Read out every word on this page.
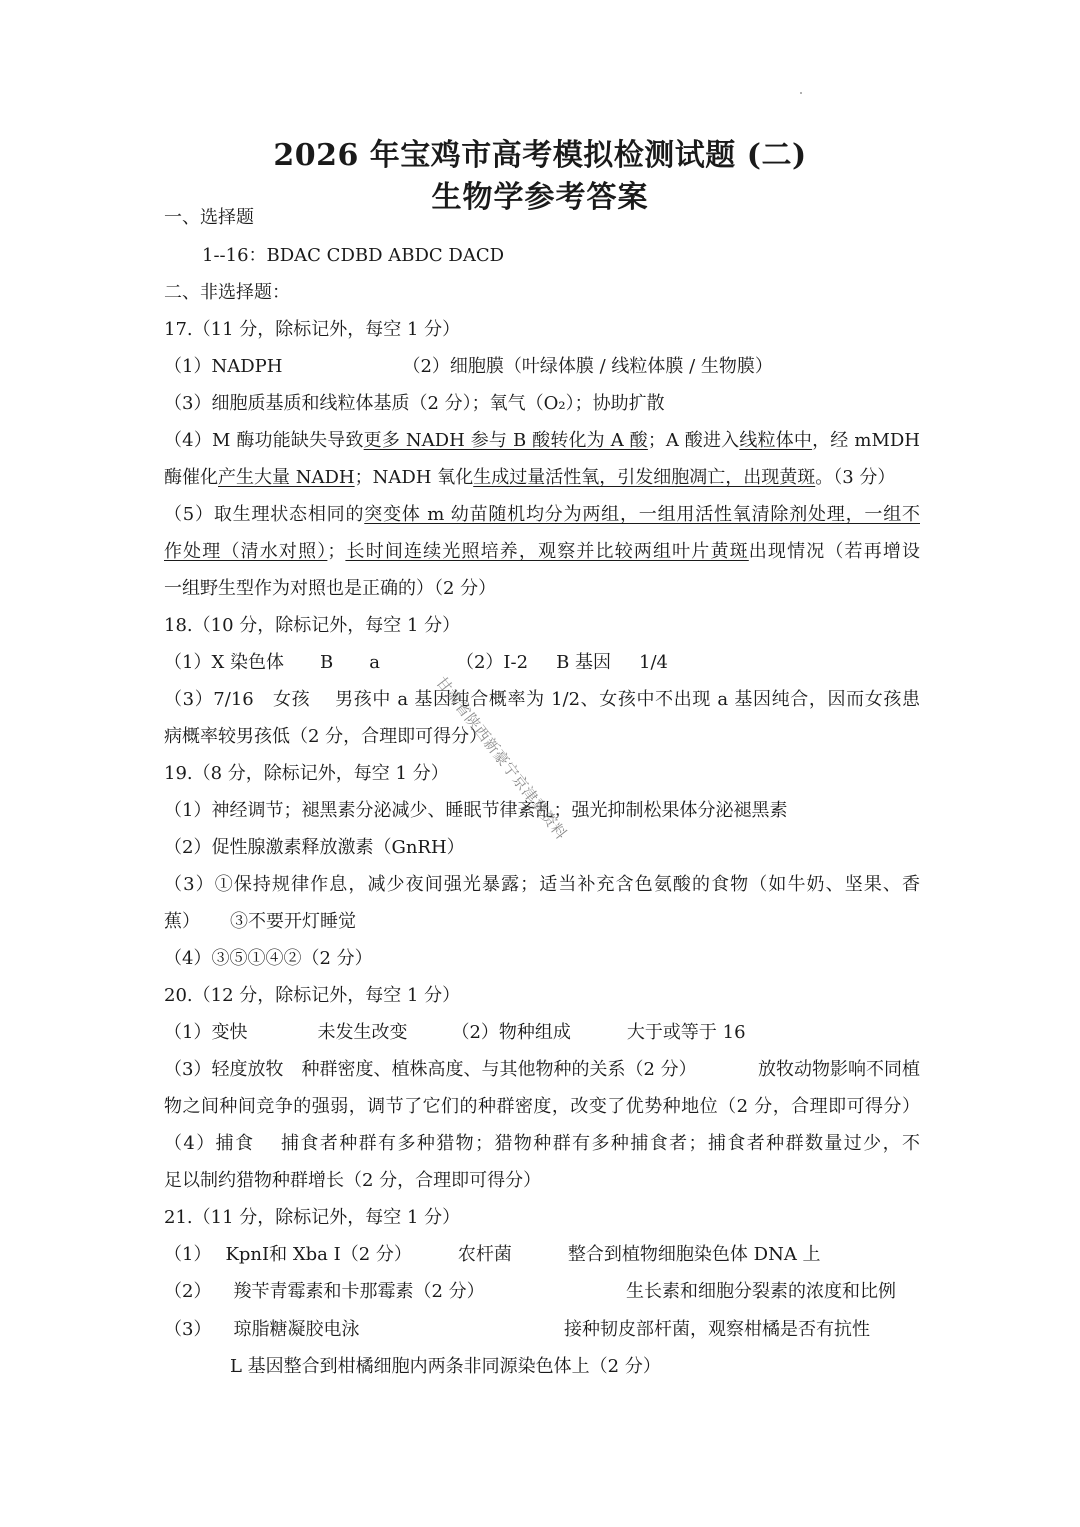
2026 年宝鸡市高考模拟检测试题 (二)
生物学参考答案
一、选择题
1--16：BDAC CDBD ABDC DACD
二、非选择题：
17.（11 分，除标记外，每空 1 分）
（1）NADPH	（2）细胞膜（叶绿体膜 / 线粒体膜 / 生物膜）
（3）细胞质基质和线粒体基质（2 分）；氧气（O₂）；协助扩散
（4）M 酶功能缺失导致更多 NADH 参与 B 酸转化为 A 酸；A 酸进入线粒体中，经 mMDH
酶催化产生大量 NADH；NADH 氧化生成过量活性氧，引发细胞凋亡，出现黄斑。（3 分）
（5）取生理状态相同的突变体 m 幼苗随机均分为两组，一组用活性氧清除剂处理，一组不
作处理（清水对照）；长时间连续光照培养，观察并比较两组叶片黄斑出现情况（若再增设
一组野生型作为对照也是正确的）（2 分）
18.（10 分，除标记外，每空 1 分）
（1）X 染色体 B a	（2）I-2 B 基因 1/4
（3）7/16　女孩　 男孩中 a 基因纯合概率为 1/2、女孩中不出现 a 基因纯合，因而女孩患
病概率较男孩低（2 分，合理即可得分）
19.（8 分，除标记外，每空 1 分）
（1）神经调节；褪黑素分泌减少、睡眠节律紊乱；强光抑制松果体分泌褪黑素
（2）促性腺激素释放激素（GnRH）
（3）①保持规律作息，减少夜间强光暴露；适当补充含色氨酸的食物（如牛奶、坚果、香
蕉） ③不要开灯睡觉
（4）③⑤①④②（2 分）
20.（12 分，除标记外，每空 1 分）
（1）变快	未发生改变 （2）物种组成	大于或等于 16
（3）轻度放牧　种群密度、植株高度、与其他物种的关系（2 分）	放牧动物影响不同植
物之间种间竞争的强弱，调节了它们的种群密度，改变了优势种地位（2 分，合理即可得分）
（4）捕食　 捕食者种群有多种猎物；猎物种群有多种捕食者；捕食者种群数量过少，不
足以制约猎物种群增长（2 分，合理即可得分）
21.（11 分，除标记外，每空 1 分）
（1） KpnI和 Xba I（2 分）	农杆菌	整合到植物细胞染色体 DNA 上
（2） 羧苄青霉素和卡那霉素（2 分）	生长素和细胞分裂素的浓度和比例
（3） 琼脂糖凝胶电泳	接种韧皮部杆菌，观察柑橘是否有抗性
L 基因整合到柑橘细胞内两条非同源染色体上（2 分）
甘肃省陕西新豪宁京津冀资料
